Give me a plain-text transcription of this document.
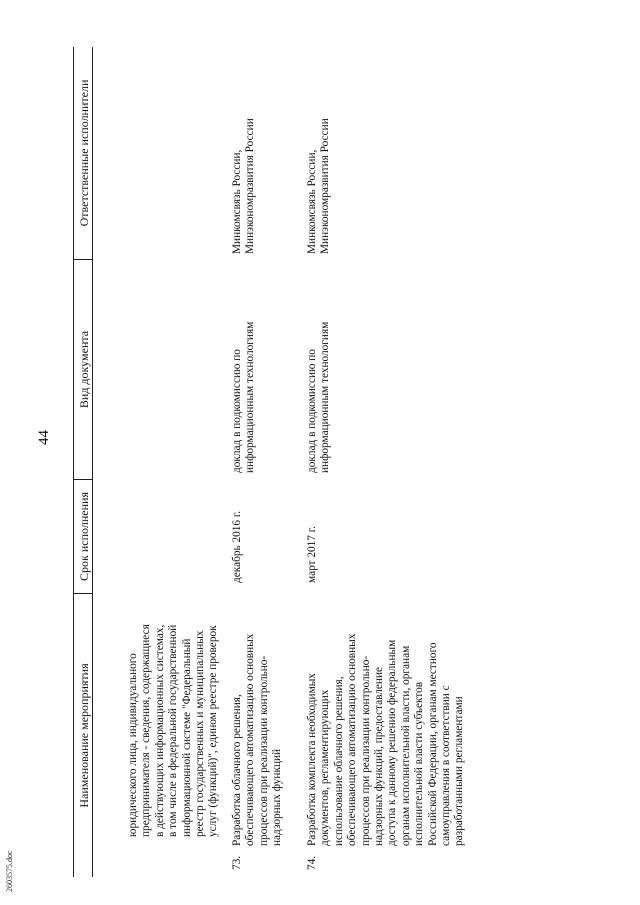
44
2603575.doc
Наименование мероприятия
Срок исполнения
Вид документа
Ответственные исполнители
юридического лица, индивидуального предпринимателя - сведения, содержащиеся в действующих информационных системах, в том числе в федеральной государственной информационной системе "Федеральный реестр государственных и муниципальных услуг (функций)", едином реестре проверок
73.
Разработка облачного решения, обеспечивающего автоматизацию основных процессов при реализации контрольно- надзорных функций
декабрь 2016 г.
доклад в подкомиссию по информационным технологиям
Минкомсвязь России, Минэкономразвития России
74.
Разработка комплекта необходимых документов, регламентирующих использование облачного решения, обеспечивающего автоматизацию основных процессов при реализации контрольно- надзорных функций, предоставление доступа к данному решению федеральным органам исполнительной власти, органам исполнительной власти субъектов Российской Федерации, органам местного самоуправления в соответствии с разработанными регламентами
март 2017 г.
доклад в подкомиссию по информационным технологиям
Минкомсвязь России, Минэкономразвития России
